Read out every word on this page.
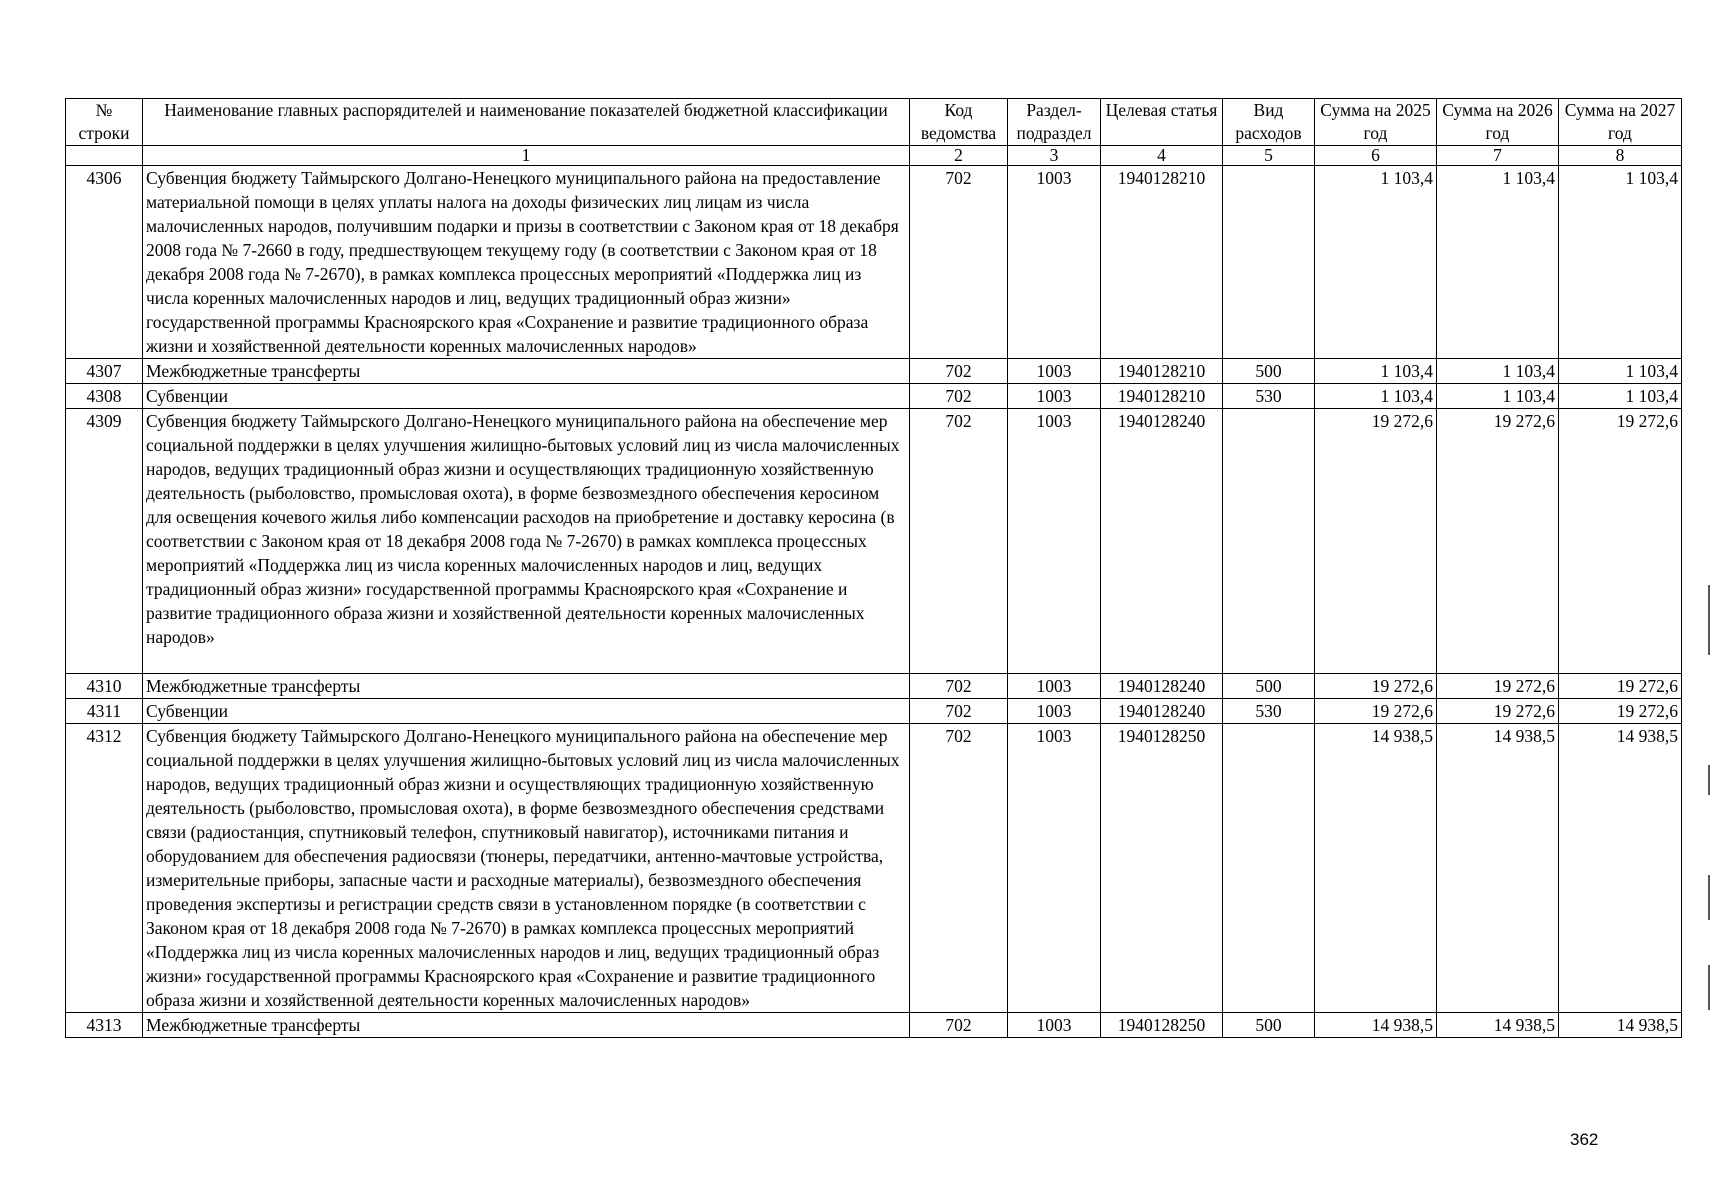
№ строки	Наименование главных распорядителей и наименование показателей бюджетной классификации	Код ведомства	Раздел-подраздел	Целевая статья	Вид расходов	Сумма на 2025 год	Сумма на 2026 год	Сумма на 2027 год
	1	2	3	4	5	6	7	8
4306	Субвенция бюджету Таймырского Долгано-Ненецкого муниципального района на предоставление материальной помощи в целях уплаты налога на доходы физических лиц лицам из числа малочисленных народов, получившим подарки и призы в соответствии с Законом края от 18 декабря 2008 года № 7-2660 в году, предшествующем текущему году (в соответствии с Законом края от 18 декабря 2008 года № 7-2670), в рамках комплекса процессных мероприятий «Поддержка лиц из числа коренных малочисленных народов и лиц, ведущих традиционный образ жизни» государственной программы Красноярского края «Сохранение и развитие традиционного образа жизни и хозяйственной деятельности коренных малочисленных народов»	702	1003	1940128210		1 103,4	1 103,4	1 103,4
4307	Межбюджетные трансферты	702	1003	1940128210	500	1 103,4	1 103,4	1 103,4
4308	Субвенции	702	1003	1940128210	530	1 103,4	1 103,4	1 103,4
4309	Субвенция бюджету Таймырского Долгано-Ненецкого муниципального района на обеспечение мер социальной поддержки в целях улучшения жилищно-бытовых условий лиц из числа малочисленных народов, ведущих традиционный образ жизни и осуществляющих традиционную хозяйственную деятельность (рыболовство, промысловая охота), в форме безвозмездного обеспечения керосином для освещения кочевого жилья либо компенсации расходов на приобретение и доставку керосина (в соответствии с Законом края от 18 декабря 2008 года № 7-2670) в рамках комплекса процессных мероприятий «Поддержка лиц из числа коренных малочисленных народов и лиц, ведущих традиционный образ жизни» государственной программы Красноярского края «Сохранение и развитие традиционного образа жизни и хозяйственной деятельности коренных малочисленных народов»	702	1003	1940128240		19 272,6	19 272,6	19 272,6
4310	Межбюджетные трансферты	702	1003	1940128240	500	19 272,6	19 272,6	19 272,6
4311	Субвенции	702	1003	1940128240	530	19 272,6	19 272,6	19 272,6
4312	Субвенция бюджету Таймырского Долгано-Ненецкого муниципального района на обеспечение мер социальной поддержки в целях улучшения жилищно-бытовых условий лиц из числа малочисленных народов, ведущих традиционный образ жизни и осуществляющих традиционную хозяйственную деятельность (рыболовство, промысловая охота), в форме безвозмездного обеспечения средствами связи (радиостанция, спутниковый телефон, спутниковый навигатор), источниками питания и оборудованием для обеспечения радиосвязи (тюнеры, передатчики, антенно-мачтовые устройства, измерительные приборы, запасные части и расходные материалы), безвозмездного обеспечения проведения экспертизы и регистрации средств связи в установленном порядке (в соответствии с Законом края от 18 декабря 2008 года № 7-2670) в рамках комплекса процессных мероприятий «Поддержка лиц из числа коренных малочисленных народов и лиц, ведущих традиционный образ жизни» государственной программы Красноярского края «Сохранение и развитие традиционного образа жизни и хозяйственной деятельности коренных малочисленных народов»	702	1003	1940128250		14 938,5	14 938,5	14 938,5
4313	Межбюджетные трансферты	702	1003	1940128250	500	14 938,5	14 938,5	14 938,5
362
